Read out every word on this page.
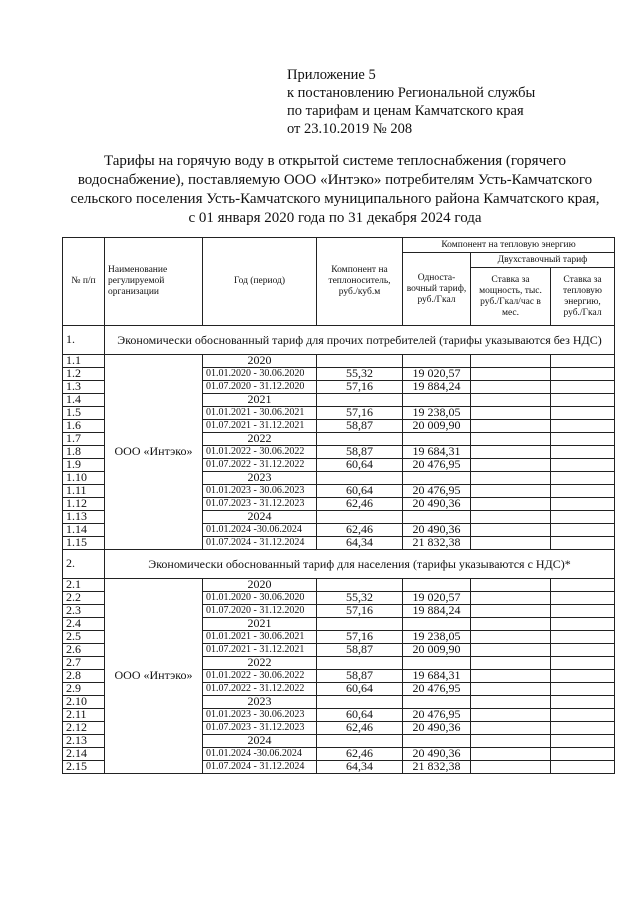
Приложение 5
к постановлению Региональной службы
по тарифам и ценам Камчатского края
от 23.10.2019 № 208
Тарифы на горячую воду в открытой системе теплоснабжения (горячего
водоснабжение), поставляемую ООО «Интэко» потребителям Усть-Камчатского
сельского поселения Усть-Камчатского муниципального района Камчатского края,
с 01 января 2020 года по 31 декабря 2024 года
№ п/п	Наименование регулируемой организации	Год (период)	Компонент на теплоноситель, руб./куб.м	Компонент на тепловую энергию		
				Односта-вочный тариф, руб./Гкал	Двухставочный тариф	
					Ставка за мощность, тыс. руб./Гкал/час в мес.	Ставка за тепловую энергию, руб./Гкал
1.	Экономически обоснованный тариф для прочих потребителей (тарифы указываются без НДС)					
1.1	ООО «Интэко»	2020				
1.2		01.01.2020 - 30.06.2020	55,32	19 020,57		
1.3		01.07.2020 - 31.12.2020	57,16	19 884,24		
1.4		2021				
1.5		01.01.2021 - 30.06.2021	57,16	19 238,05		
1.6		01.07.2021 - 31.12.2021	58,87	20 009,90		
1.7		2022				
1.8		01.01.2022 - 30.06.2022	58,87	19 684,31		
1.9		01.07.2022 - 31.12.2022	60,64	20 476,95		
1.10		2023				
1.11		01.01.2023 - 30.06.2023	60,64	20 476,95		
1.12		01.07.2023 - 31.12.2023	62,46	20 490,36		
1.13		2024				
1.14		01.01.2024 -30.06.2024	62,46	20 490,36		
1.15		01.07.2024 - 31.12.2024	64,34	21 832,38		
2.	Экономически обоснованный тариф для населения (тарифы указываются с НДС)*					
2.1	ООО «Интэко»	2020				
2.2		01.01.2020 - 30.06.2020	55,32	19 020,57		
2.3		01.07.2020 - 31.12.2020	57,16	19 884,24		
2.4		2021				
2.5		01.01.2021 - 30.06.2021	57,16	19 238,05		
2.6		01.07.2021 - 31.12.2021	58,87	20 009,90		
2.7		2022				
2.8		01.01.2022 - 30.06.2022	58,87	19 684,31		
2.9		01.07.2022 - 31.12.2022	60,64	20 476,95		
2.10		2023				
2.11		01.01.2023 - 30.06.2023	60,64	20 476,95		
2.12		01.07.2023 - 31.12.2023	62,46	20 490,36		
2.13		2024				
2.14		01.01.2024 -30.06.2024	62,46	20 490,36		
2.15		01.07.2024 - 31.12.2024	64,34	21 832,38		
